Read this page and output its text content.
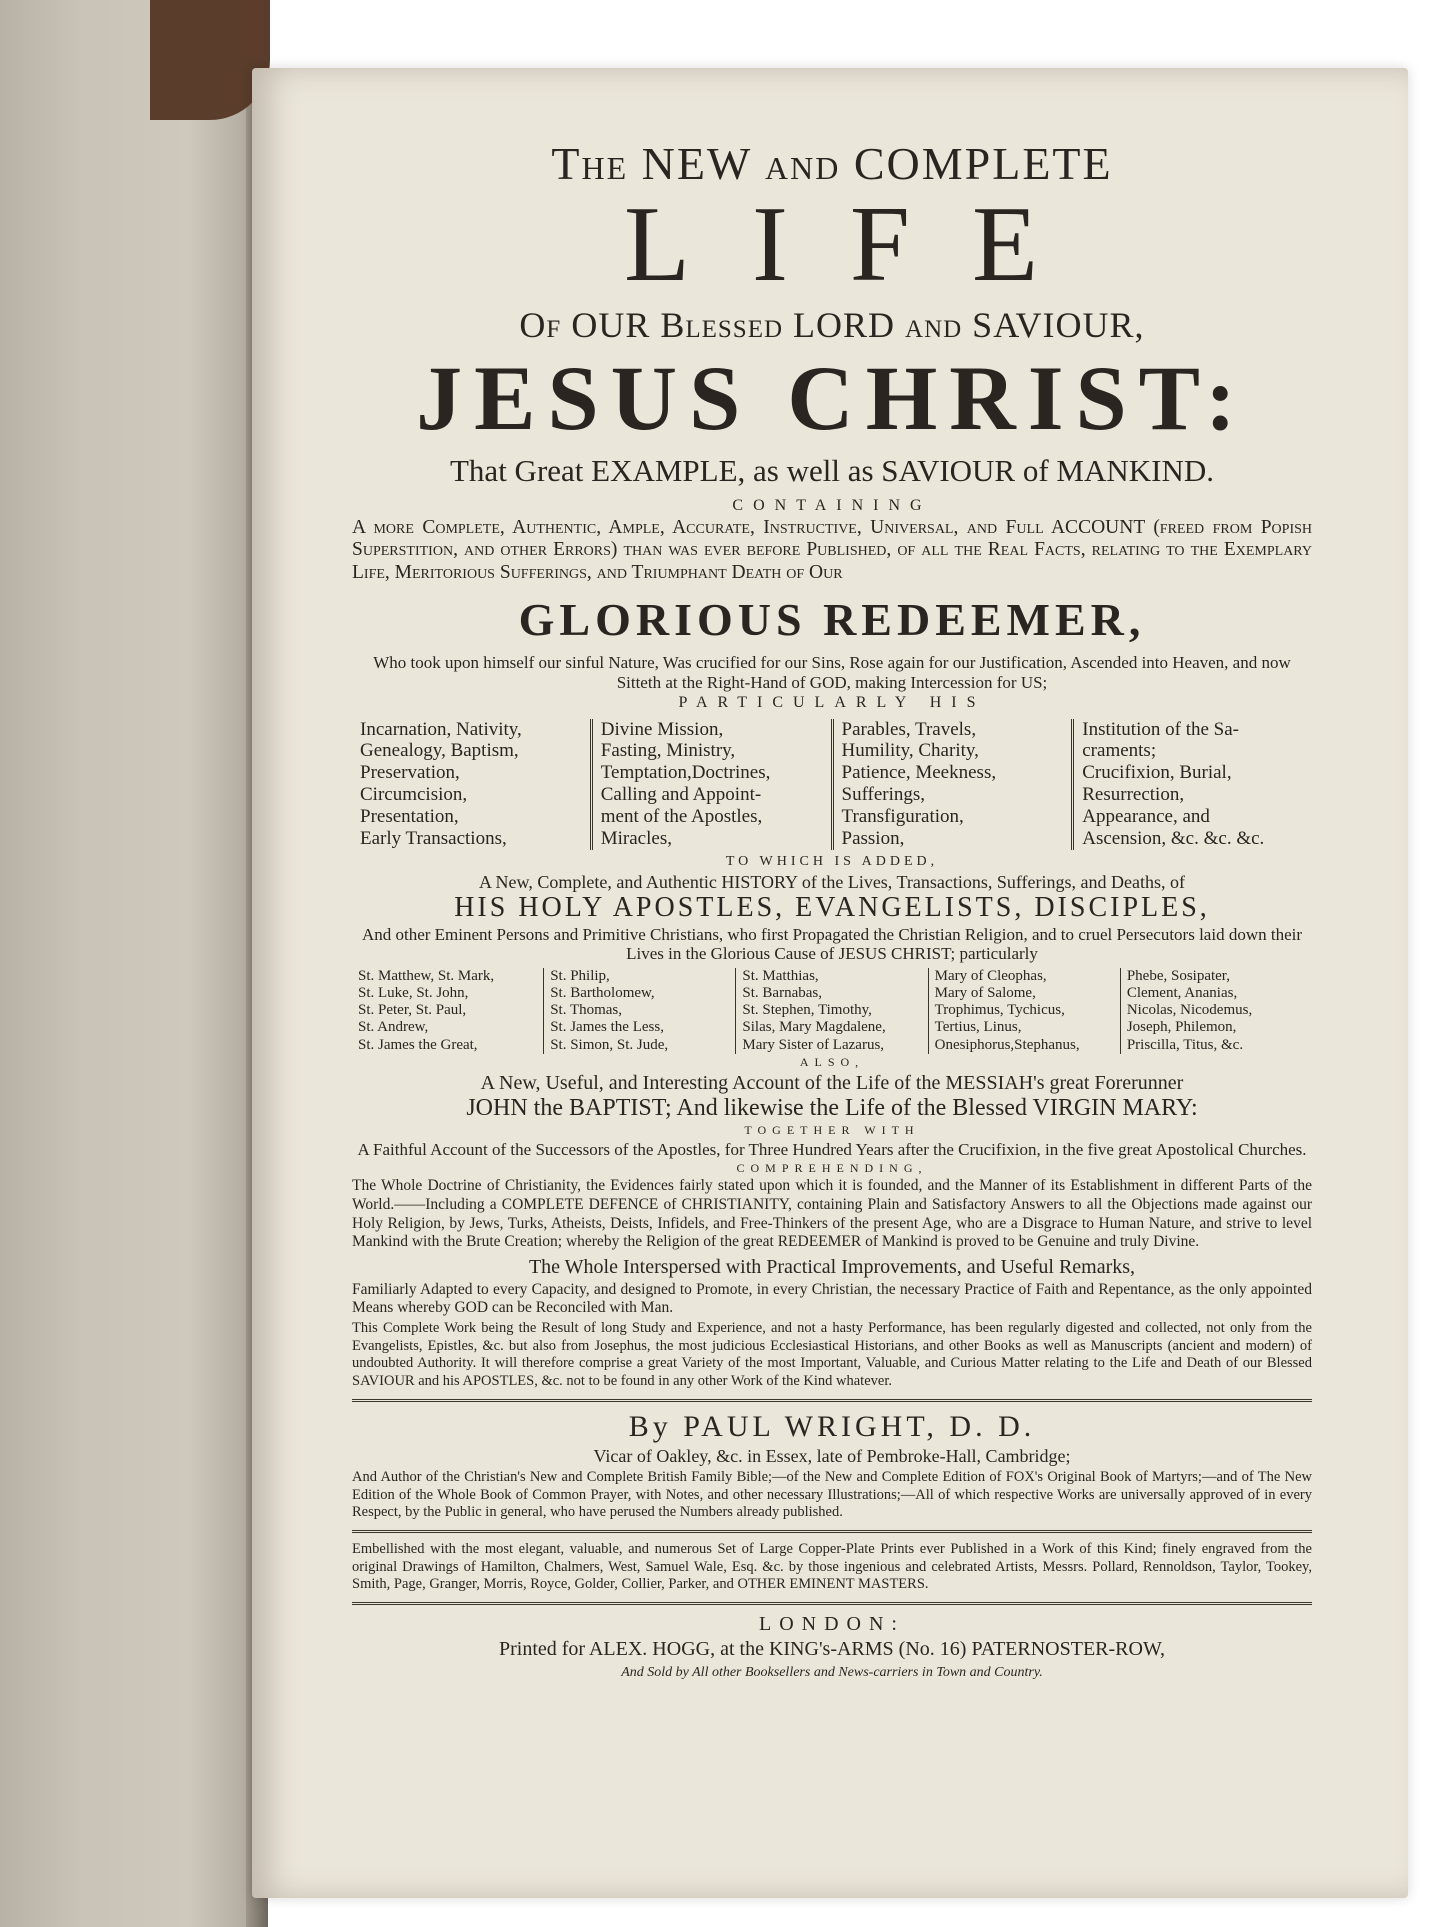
The NEW and COMPLETE

LIFE

Of OUR Blessed LORD and SAVIOUR,

JESUS CHRIST:

That Great EXAMPLE, as well as SAVIOUR of MANKIND.

CONTAINING

A more Complete, Authentic, Ample, Accurate, Instructive, Universal, and Full ACCOUNT (freed from Popish Superstition, and other Errors) than was ever before Published, of all the Real Facts, relating to the Exemplary Life, Meritorious Sufferings, and Triumphant Death of Our

GLORIOUS REDEEMER,

Who took upon himself our sinful Nature, Was crucified for our Sins, Rose again for our Justification, Ascended into Heaven, and now Sitteth at the Right-Hand of GOD, making Intercession for US;

PARTICULARLY HIS

Incarnation, Nativity,
Genealogy, Baptism,
Preservation,
Circumcision,
Presentation,
Early Transactions,
Divine Mission,
Fasting, Ministry,
Temptation,Doctrines,
Calling and Appoint-
ment of the Apostles,
Miracles,
Parables, Travels,
Humility, Charity,
Patience, Meekness,
Sufferings,
Transfiguration,
Passion,
Institution of the Sa-
craments;
Crucifixion, Burial,
Resurrection,
Appearance, and
Ascension, &c. &c. &c.

TO WHICH IS ADDED,

A New, Complete, and Authentic HISTORY of the Lives, Transactions, Sufferings, and Deaths, of

HIS HOLY APOSTLES, EVANGELISTS, DISCIPLES,

And other Eminent Persons and Primitive Christians, who first Propagated the Christian Religion, and to cruel Persecutors laid down their Lives in the Glorious Cause of JESUS CHRIST; particularly

St. Matthew, St. Mark,
St. Luke, St. John,
St. Peter, St. Paul,
St. Andrew,
St. James the Great,
St. Philip,
St. Bartholomew,
St. Thomas,
St. James the Less,
St. Simon, St. Jude,
St. Matthias,
St. Barnabas,
St. Stephen, Timothy,
Silas, Mary Magdalene,
Mary Sister of Lazarus,
Mary of Cleophas,
Mary of Salome,
Trophimus, Tychicus,
Tertius, Linus,
Onesiphorus,Stephanus,
Phebe, Sosipater,
Clement, Ananias,
Nicolas, Nicodemus,
Joseph, Philemon,
Priscilla, Titus, &c.

ALSO,

A New, Useful, and Interesting Account of the Life of the MESSIAH's great Forerunner

JOHN the BAPTIST; And likewise the Life of the Blessed VIRGIN MARY:

TOGETHER WITH

A Faithful Account of the Successors of the Apostles, for Three Hundred Years after the Crucifixion, in the five great Apostolical Churches.

COMPREHENDING,

The Whole Doctrine of Christianity, the Evidences fairly stated upon which it is founded, and the Manner of its Establishment in different Parts of the World.——Including a COMPLETE DEFENCE of CHRISTIANITY, containing Plain and Satisfactory Answers to all the Objections made against our Holy Religion, by Jews, Turks, Atheists, Deists, Infidels, and Free-Thinkers of the present Age, who are a Disgrace to Human Nature, and strive to level Mankind with the Brute Creation; whereby the Religion of the great REDEEMER of Mankind is proved to be Genuine and truly Divine.

The Whole Interspersed with Practical Improvements, and Useful Remarks,

Familiarly Adapted to every Capacity, and designed to Promote, in every Christian, the necessary Practice of Faith and Repentance, as the only appointed Means whereby GOD can be Reconciled with Man.

This Complete Work being the Result of long Study and Experience, and not a hasty Performance, has been regularly digested and collected, not only from the Evangelists, Epistles, &c. but also from Josephus, the most judicious Ecclesiastical Historians, and other Books as well as Manuscripts (ancient and modern) of undoubted Authority. It will therefore comprise a great Variety of the most Important, Valuable, and Curious Matter relating to the Life and Death of our Blessed SAVIOUR and his APOSTLES, &c. not to be found in any other Work of the Kind whatever.

By PAUL WRIGHT, D. D.

Vicar of Oakley, &c. in Essex, late of Pembroke-Hall, Cambridge;

And Author of the Christian's New and Complete British Family Bible;—of the New and Complete Edition of FOX's Original Book of Martyrs;—and of The New Edition of the Whole Book of Common Prayer, with Notes, and other necessary Illustrations;—All of which respective Works are universally approved of in every Respect, by the Public in general, who have perused the Numbers already published.

Embellished with the most elegant, valuable, and numerous Set of Large Copper-Plate Prints ever Published in a Work of this Kind; finely engraved from the original Drawings of Hamilton, Chalmers, West, Samuel Wale, Esq. &c. by those ingenious and celebrated Artists, Messrs. Pollard, Rennoldson, Taylor, Tookey, Smith, Page, Granger, Morris, Royce, Golder, Collier, Parker, and OTHER EMINENT MASTERS.

LONDON:

Printed for ALEX. HOGG, at the KING's-ARMS (No. 16) PATERNOSTER-ROW,

And Sold by All other Booksellers and News-carriers in Town and Country.
